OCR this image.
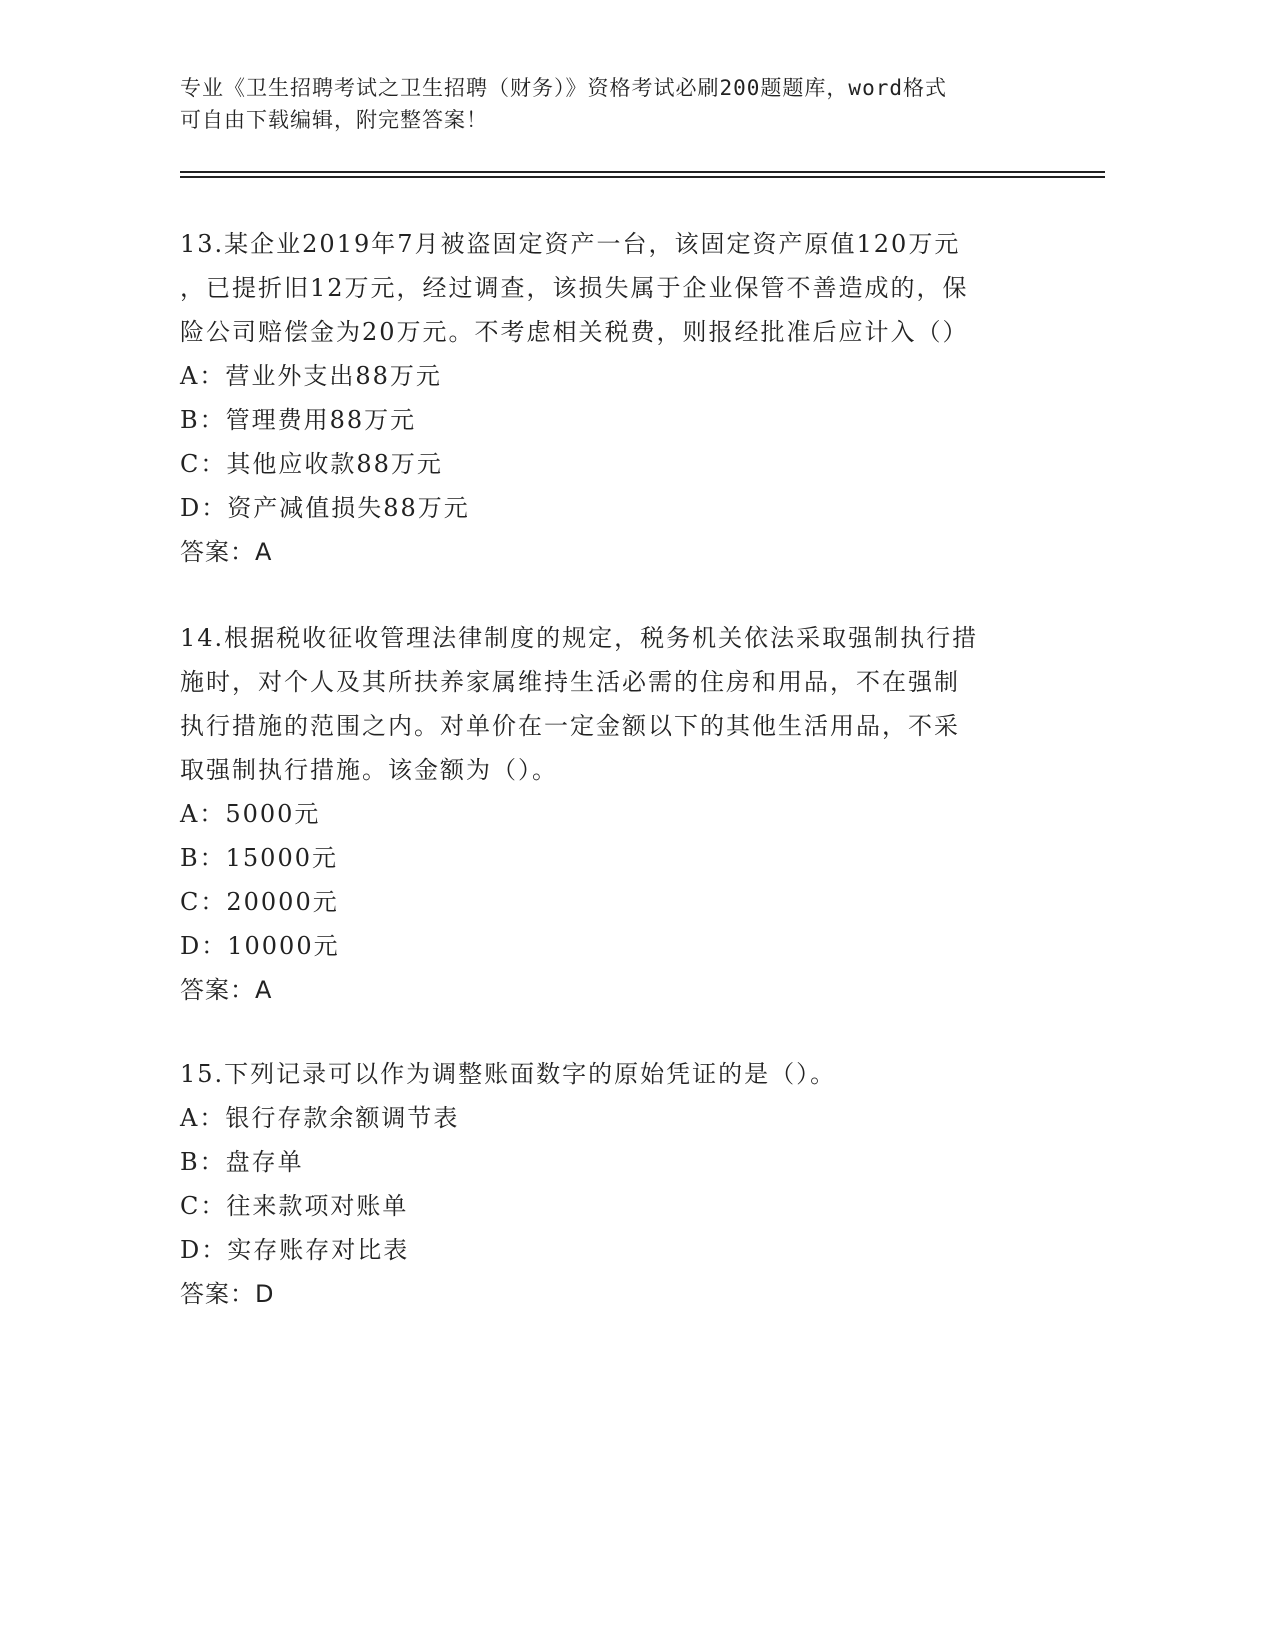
专业《卫生招聘考试之卫生招聘（财务）》资格考试必刷200题题库，word格式
可自由下载编辑，附完整答案！
13.某企业2019年7月被盗固定资产一台，该固定资产原值120万元
，已提折旧12万元，经过调查，该损失属于企业保管不善造成的，保
险公司赔偿金为20万元。不考虑相关税费，则报经批准后应计入（）
A：营业外支出88万元
B：管理费用88万元
C：其他应收款88万元
D：资产减值损失88万元
答案：A
14.根据税收征收管理法律制度的规定，税务机关依法采取强制执行措
施时，对个人及其所扶养家属维持生活必需的住房和用品，不在强制
执行措施的范围之内。对单价在一定金额以下的其他生活用品，不采
取强制执行措施。该金额为（）。
A：5000元
B：15000元
C：20000元
D：10000元
答案：A
15.下列记录可以作为调整账面数字的原始凭证的是（）。
A：银行存款余额调节表
B：盘存单
C：往来款项对账单
D：实存账存对比表
答案：D
